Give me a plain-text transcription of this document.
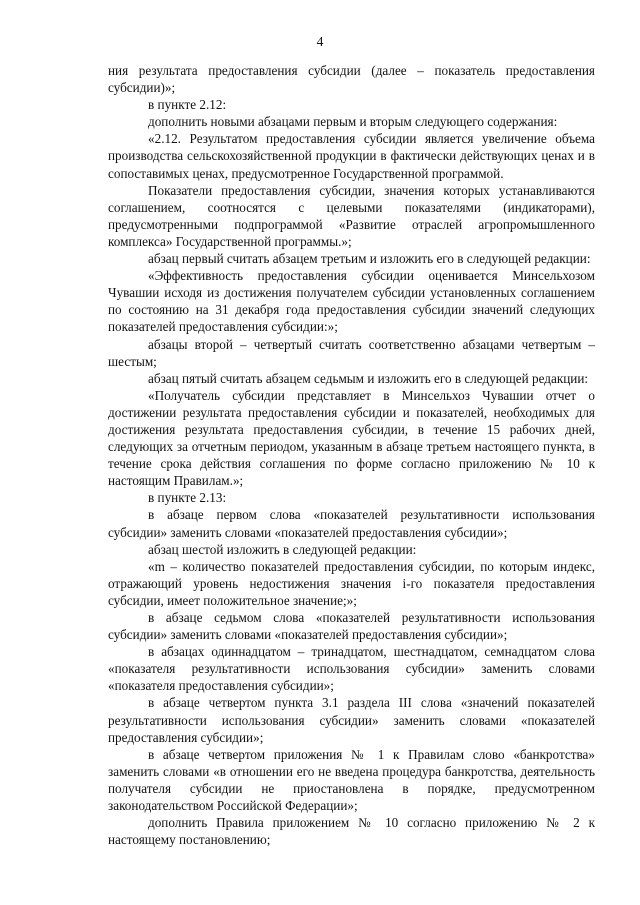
4

ния результата предоставления субсидии (далее – показатель предоставления субсидии)»;

в пункте 2.12:

дополнить новыми абзацами первым и вторым следующего содержания:

«2.12. Результатом предоставления субсидии является увеличение объема производства сельскохозяйственной продукции в фактически действующих ценах и в сопоставимых ценах, предусмотренное Государственной программой.

Показатели предоставления субсидии, значения которых устанавливаются соглашением, соотносятся с целевыми показателями (индикаторами), предусмотренными подпрограммой «Развитие отраслей агропромышленного комплекса» Государственной программы.»;

абзац первый считать абзацем третьим и изложить его в следующей редакции:

«Эффективность предоставления субсидии оценивается Минсельхозом Чувашии исходя из достижения получателем субсидии установленных соглашением по состоянию на 31 декабря года предоставления субсидии значений следующих показателей предоставления субсидии:»;

абзацы второй – четвертый считать соответственно абзацами четвертым – шестым;

абзац пятый считать абзацем седьмым и изложить его в следующей редакции:

«Получатель субсидии представляет в Минсельхоз Чувашии отчет о достижении результата предоставления субсидии и показателей, необходимых для достижения результата предоставления субсидии, в течение 15 рабочих дней, следующих за отчетным периодом, указанным в абзаце третьем настоящего пункта, в течение срока действия соглашения по форме согласно приложению № 10 к настоящим Правилам.»;

в пункте 2.13:

в абзаце первом слова «показателей результативности использования субсидии» заменить словами «показателей предоставления субсидии»;

абзац шестой изложить в следующей редакции:

«m – количество показателей предоставления субсидии, по которым индекс, отражающий уровень недостижения значения i-го показателя предоставления субсидии, имеет положительное значение;»;

в абзаце седьмом слова «показателей результативности использования субсидии» заменить словами «показателей предоставления субсидии»;

в абзацах одиннадцатом – тринадцатом, шестнадцатом, семнадцатом слова «показателя результативности использования субсидии» заменить словами «показателя предоставления субсидии»;

в абзаце четвертом пункта 3.1 раздела III слова «значений показателей результативности использования субсидии» заменить словами «показателей предоставления субсидии»;

в абзаце четвертом приложения № 1 к Правилам слово «банкротства» заменить словами «в отношении его не введена процедура банкротства, деятельность получателя субсидии не приостановлена в порядке, предусмотренном законодательством Российской Федерации»;

дополнить Правила приложением № 10 согласно приложению № 2 к настоящему постановлению;
